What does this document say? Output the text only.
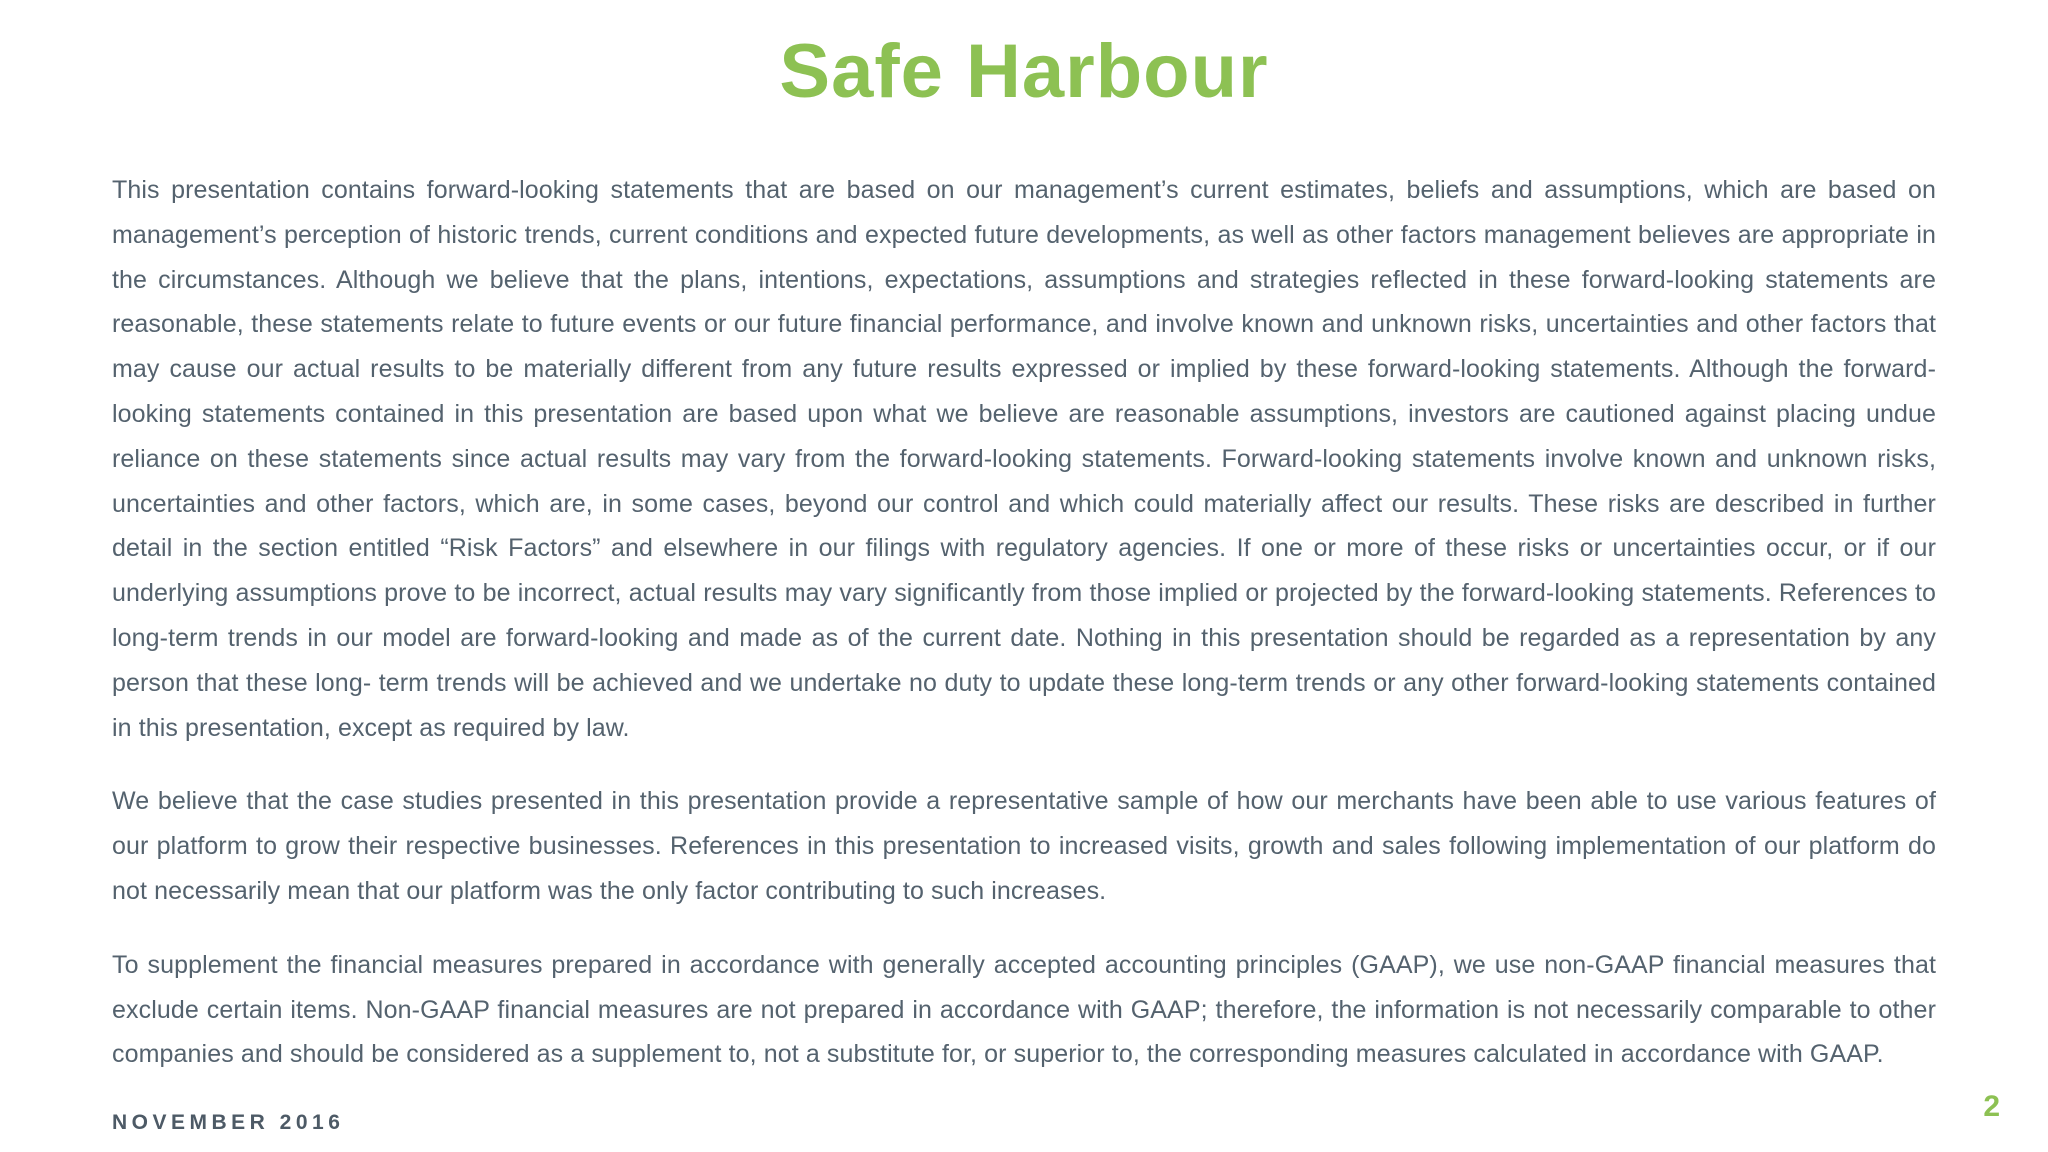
Safe Harbour

This presentation contains forward-looking statements that are based on our management’s current estimates, beliefs and assumptions, which are based on management’s perception of historic trends, current conditions and expected future developments, as well as other factors management believes are appropriate in the circumstances. Although we believe that the plans, intentions, expectations, assumptions and strategies reflected in these forward-looking statements are reasonable, these statements relate to future events or our future financial performance, and involve known and unknown risks, uncertainties and other factors that may cause our actual results to be materially different from any future results expressed or implied by these forward-looking statements. Although the forward-looking statements contained in this presentation are based upon what we believe are reasonable assumptions, investors are cautioned against placing undue reliance on these statements since actual results may vary from the forward-looking statements. Forward-looking statements involve known and unknown risks, uncertainties and other factors, which are, in some cases, beyond our control and which could materially affect our results. These risks are described in further detail in the section entitled “Risk Factors” and elsewhere in our filings with regulatory agencies. If one or more of these risks or uncertainties occur, or if our underlying assumptions prove to be incorrect, actual results may vary significantly from those implied or projected by the forward-looking statements. References to long-term trends in our model are forward-looking and made as of the current date. Nothing in this presentation should be regarded as a representation by any person that these long- term trends will be achieved and we undertake no duty to update these long-term trends or any other forward-looking statements contained in this presentation, except as required by law.

We believe that the case studies presented in this presentation provide a representative sample of how our merchants have been able to use various features of our platform to grow their respective businesses. References in this presentation to increased visits, growth and sales following implementation of our platform do not necessarily mean that our platform was the only factor contributing to such increases.

To supplement the financial measures prepared in accordance with generally accepted accounting principles (GAAP), we use non-GAAP financial measures that exclude certain items. Non-GAAP financial measures are not prepared in accordance with GAAP; therefore, the information is not necessarily comparable to other companies and should be considered as a supplement to, not a substitute for, or superior to, the corresponding measures calculated in accordance with GAAP.

NOVEMBER 2016	2
